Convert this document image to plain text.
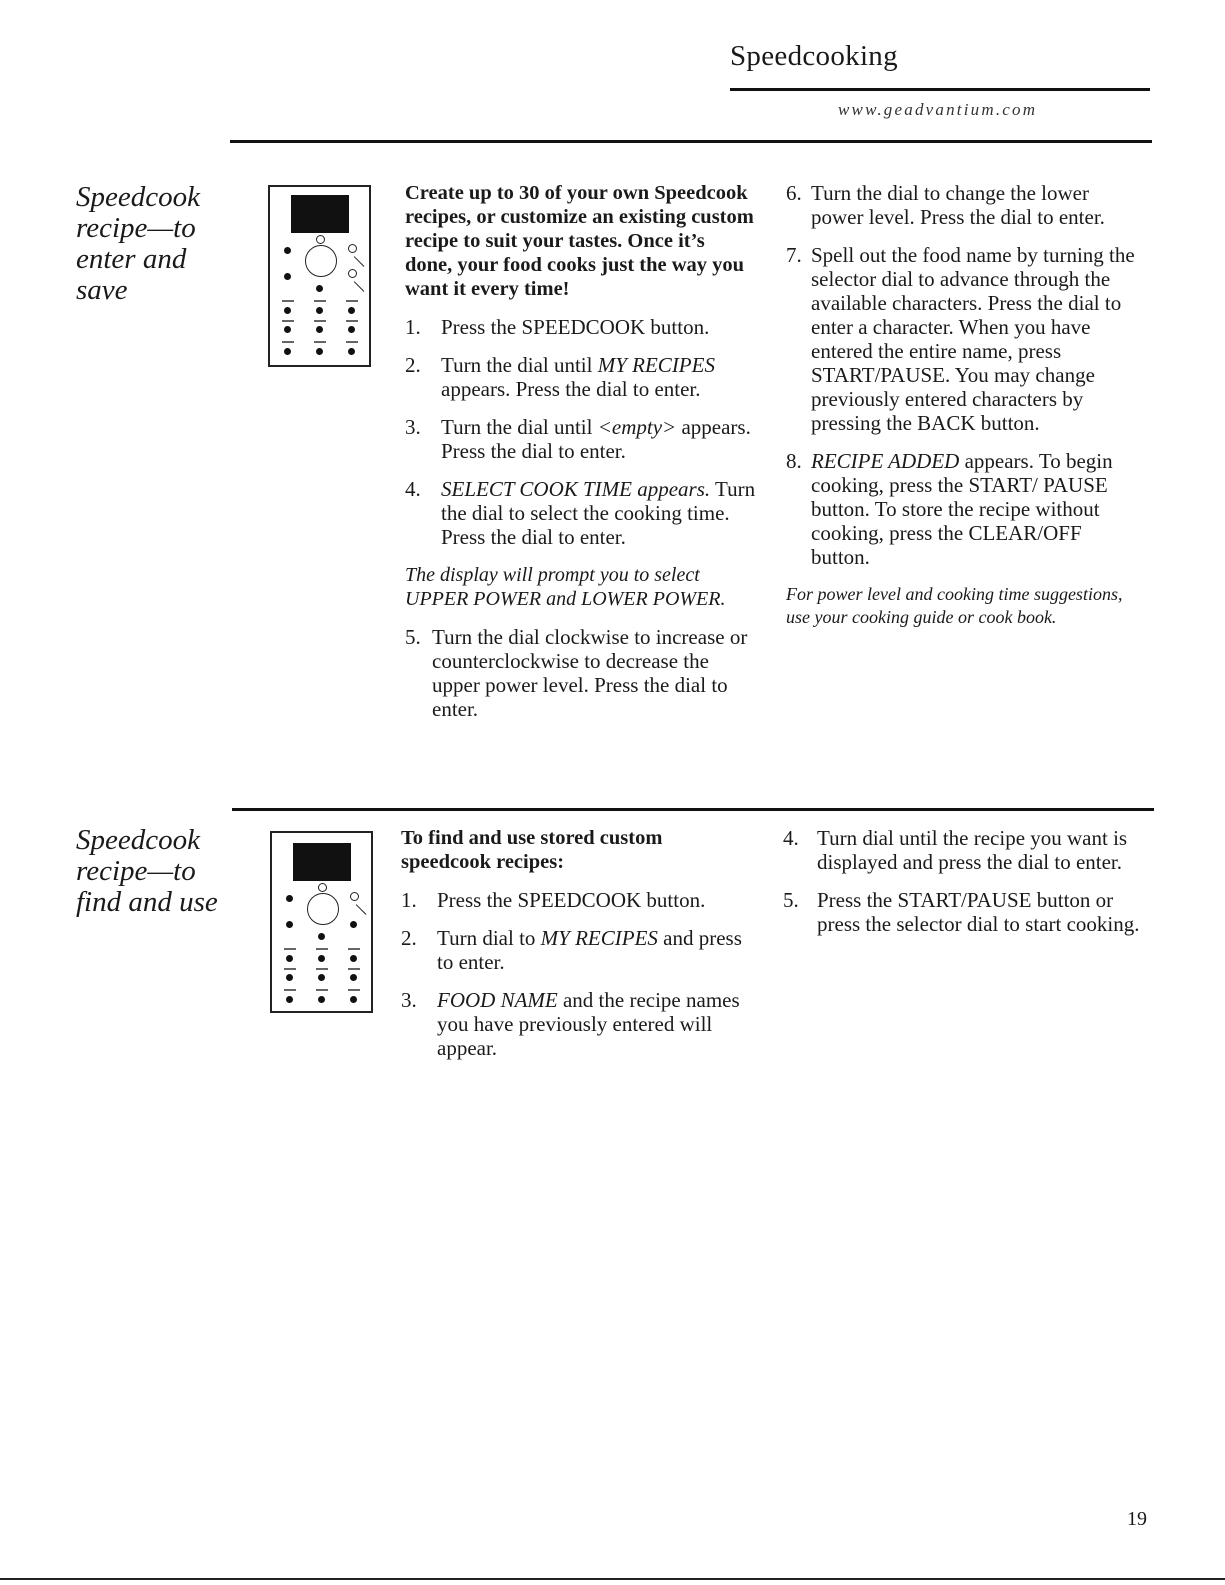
Speedcooking
www.geadvantium.com
Speedcook
recipe—to
enter and
save
Create up to 30 of your own Speedcook recipes, or customize an existing custom recipe to suit your tastes. Once it’s done, your food cooks just the way you want it every time!
1. Press the SPEEDCOOK button.
2. Turn the dial until MY RECIPES appears. Press the dial to enter.
3. Turn the dial until <empty> appears. Press the dial to enter.
4. SELECT COOK TIME appears. Turn the dial to select the cooking time. Press the dial to enter.
The display will prompt you to select UPPER POWER and LOWER POWER.
5. Turn the dial clockwise to increase or counterclockwise to decrease the upper power level. Press the dial to enter.
6. Turn the dial to change the lower power level. Press the dial to enter.
7. Spell out the food name by turning the selector dial to advance through the available characters. Press the dial to enter a character. When you have entered the entire name, press START/PAUSE. You may change previously entered characters by pressing the BACK button.
8. RECIPE ADDED appears. To begin cooking, press the START/ PAUSE button. To store the recipe without cooking, press the CLEAR/OFF button.
For power level and cooking time suggestions, use your cooking guide or cook book.
Speedcook
recipe—to
find and use
To find and use stored custom speedcook recipes:
1. Press the SPEEDCOOK button.
2. Turn dial to MY RECIPES and press to enter.
3. FOOD NAME and the recipe names you have previously entered will appear.
4. Turn dial until the recipe you want is displayed and press the dial to enter.
5. Press the START/PAUSE button or press the selector dial to start cooking.
19
